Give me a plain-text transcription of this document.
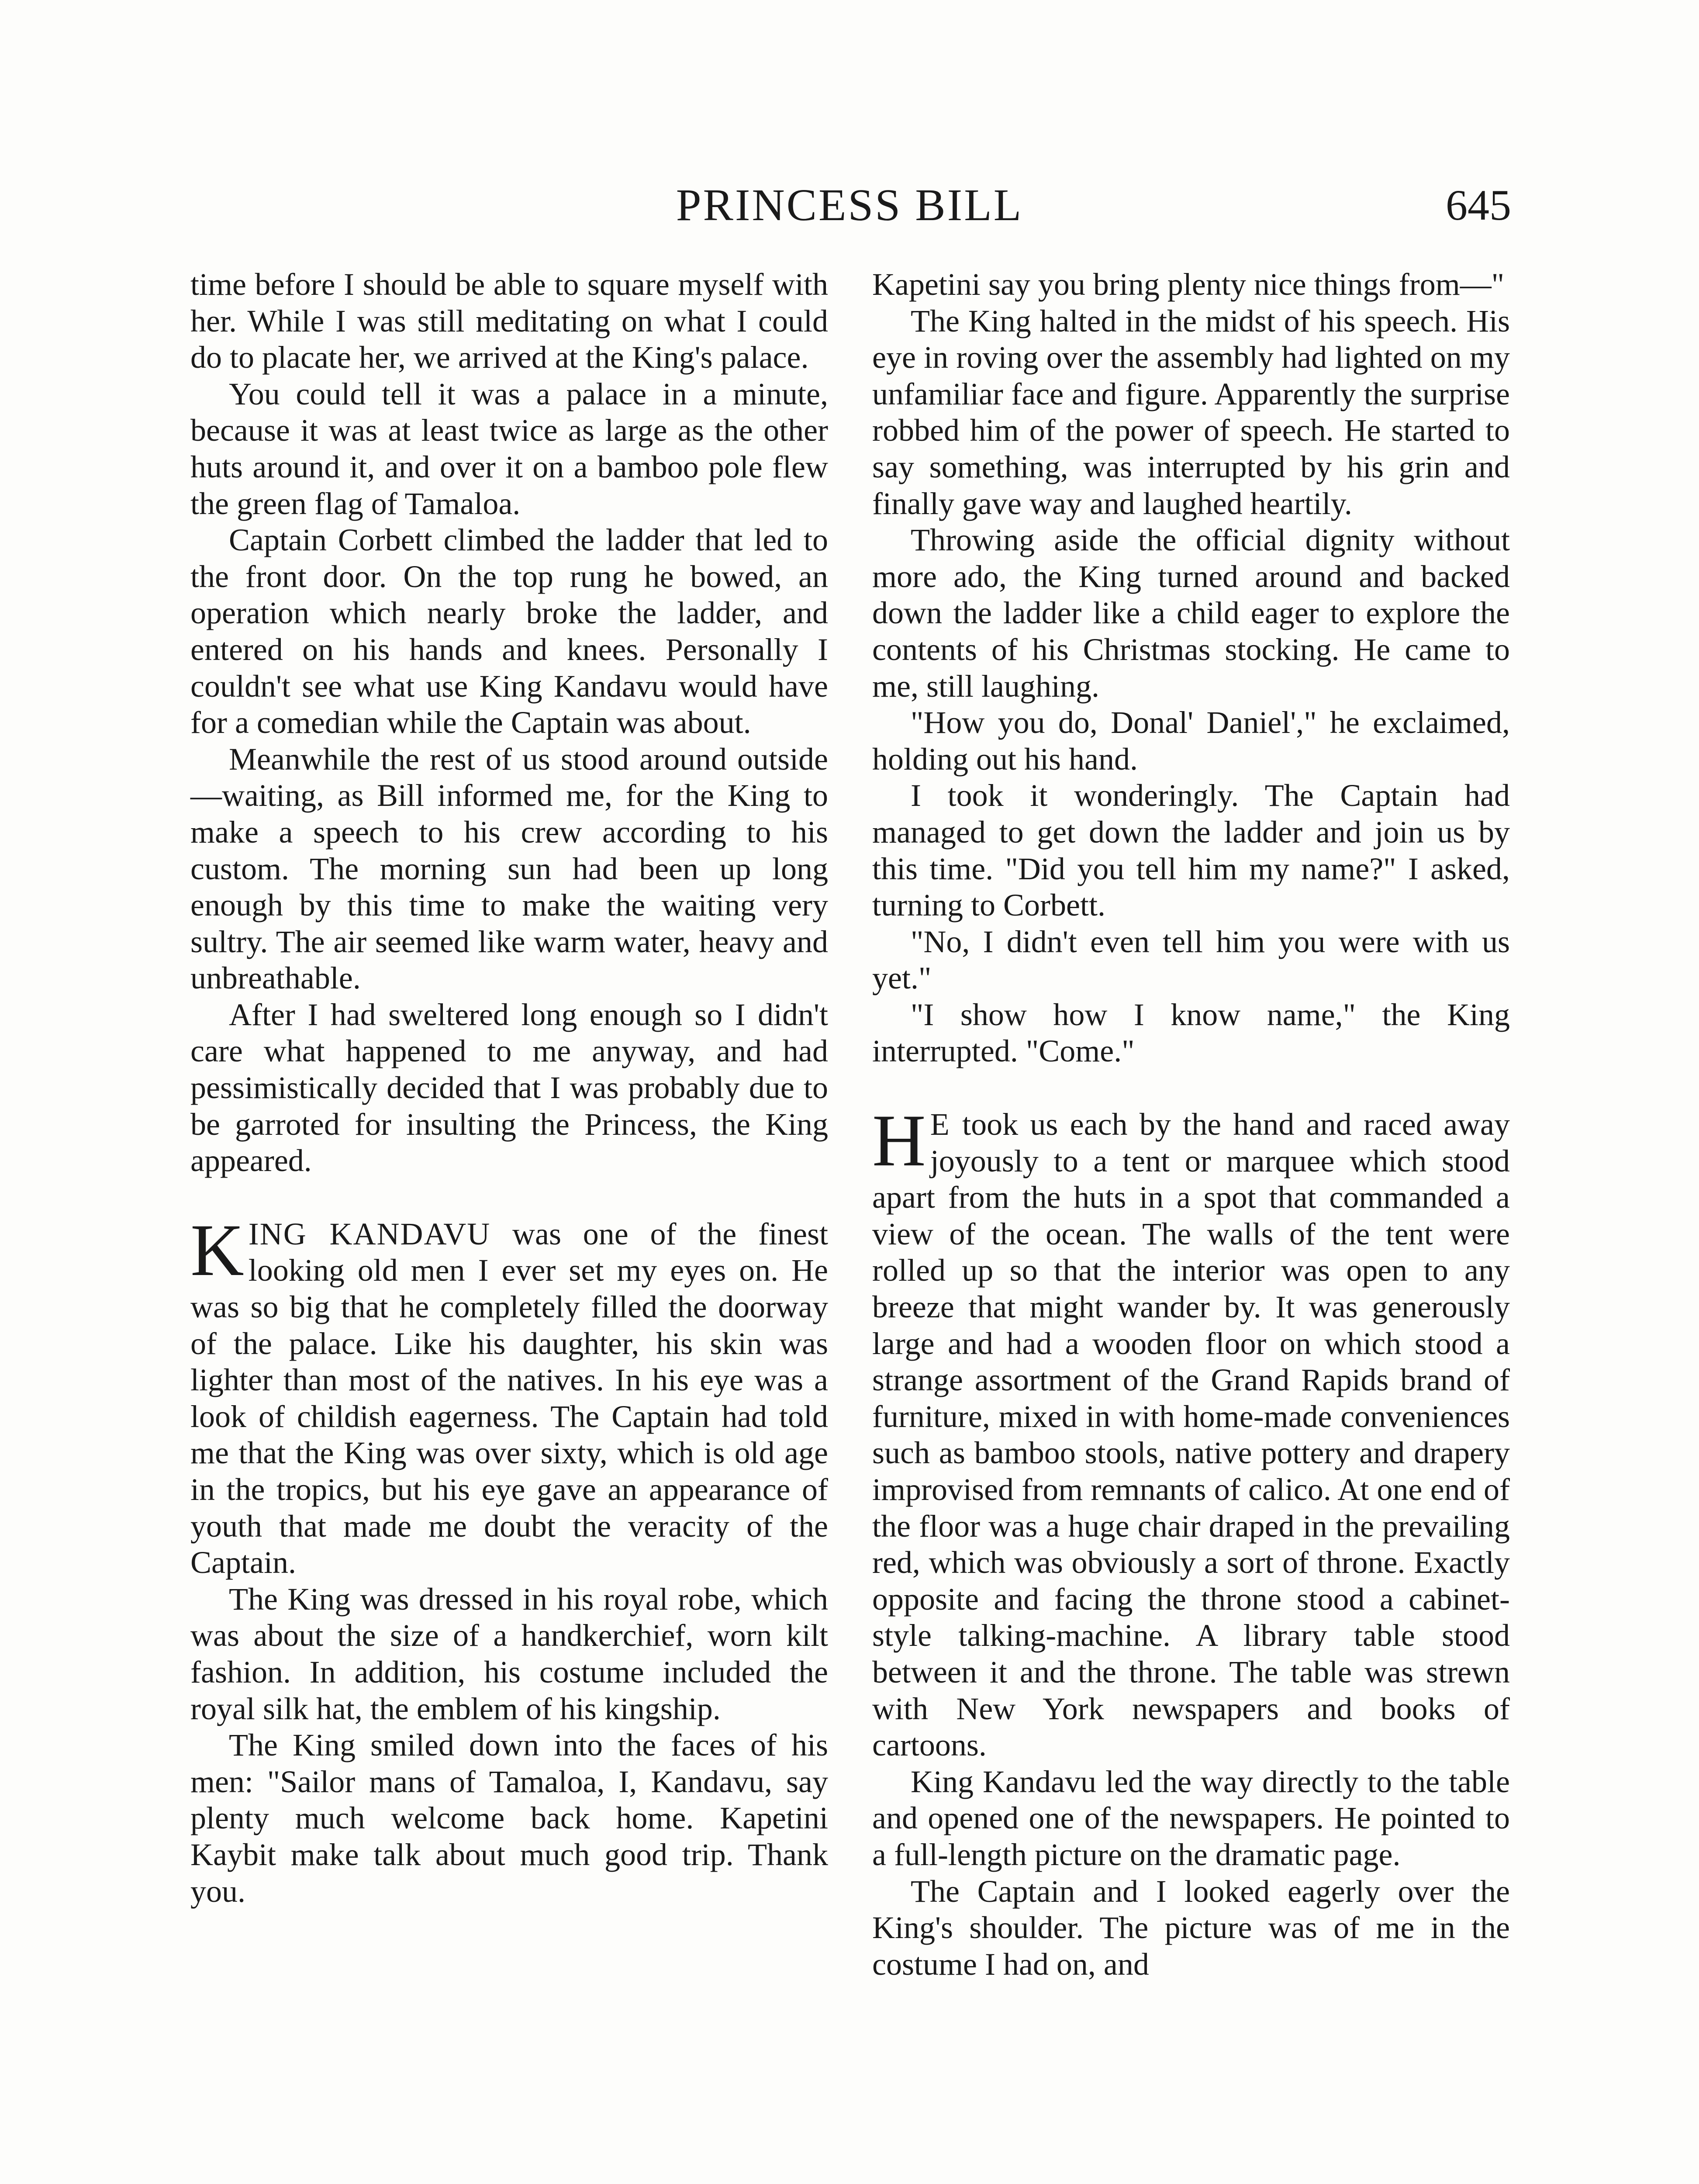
PRINCESS BILL	645

time before I should be able to square myself with her. While I was still meditating on what I could do to placate her, we arrived at the King's palace.

You could tell it was a palace in a minute, because it was at least twice as large as the other huts around it, and over it on a bamboo pole flew the green flag of Tamaloa.

Captain Corbett climbed the ladder that led to the front door. On the top rung he bowed, an operation which nearly broke the ladder, and entered on his hands and knees. Personally I couldn't see what use King Kandavu would have for a comedian while the Captain was about.

Meanwhile the rest of us stood around outside—waiting, as Bill informed me, for the King to make a speech to his crew according to his custom. The morning sun had been up long enough by this time to make the waiting very sultry. The air seemed like warm water, heavy and unbreathable.

After I had sweltered long enough so I didn't care what happened to me anyway, and had pessimistically decided that I was probably due to be garroted for insulting the Princess, the King appeared.

KING KANDAVU was one of the finest looking old men I ever set my eyes on. He was so big that he completely filled the doorway of the palace. Like his daughter, his skin was lighter than most of the natives. In his eye was a look of childish eagerness. The Captain had told me that the King was over sixty, which is old age in the tropics, but his eye gave an appearance of youth that made me doubt the veracity of the Captain.

The King was dressed in his royal robe, which was about the size of a handkerchief, worn kilt fashion. In addition, his costume included the royal silk hat, the emblem of his kingship.

The King smiled down into the faces of his men: "Sailor mans of Tamaloa, I, Kandavu, say plenty much welcome back home. Kapetini Kaybit make talk about much good trip. Thank you.

Kapetini say you bring plenty nice things from—"

The King halted in the midst of his speech. His eye in roving over the assembly had lighted on my unfamiliar face and figure. Apparently the surprise robbed him of the power of speech. He started to say something, was interrupted by his grin and finally gave way and laughed heartily.

Throwing aside the official dignity without more ado, the King turned around and backed down the ladder like a child eager to explore the contents of his Christmas stocking. He came to me, still laughing.

"How you do, Donal' Daniel'," he exclaimed, holding out his hand.

I took it wonderingly. The Captain had managed to get down the ladder and join us by this time. "Did you tell him my name?" I asked, turning to Corbett.

"No, I didn't even tell him you were with us yet."

"I show how I know name," the King interrupted. "Come."

H E took us each by the hand and raced away joyously to a tent or marquee which stood apart from the huts in a spot that commanded a view of the ocean. The walls of the tent were rolled up so that the interior was open to any breeze that might wander by. It was generously large and had a wooden floor on which stood a strange assortment of the Grand Rapids brand of furniture, mixed in with home-made conveniences such as bamboo stools, native pottery and drapery improvised from remnants of calico. At one end of the floor was a huge chair draped in the prevailing red, which was obviously a sort of throne. Exactly opposite and facing the throne stood a cabinet-style talking-machine. A library table stood between it and the throne. The table was strewn with New York newspapers and books of cartoons.

King Kandavu led the way directly to the table and opened one of the newspapers. He pointed to a full-length picture on the dramatic page.

The Captain and I looked eagerly over the King's shoulder. The picture was of me in the costume I had on, and
